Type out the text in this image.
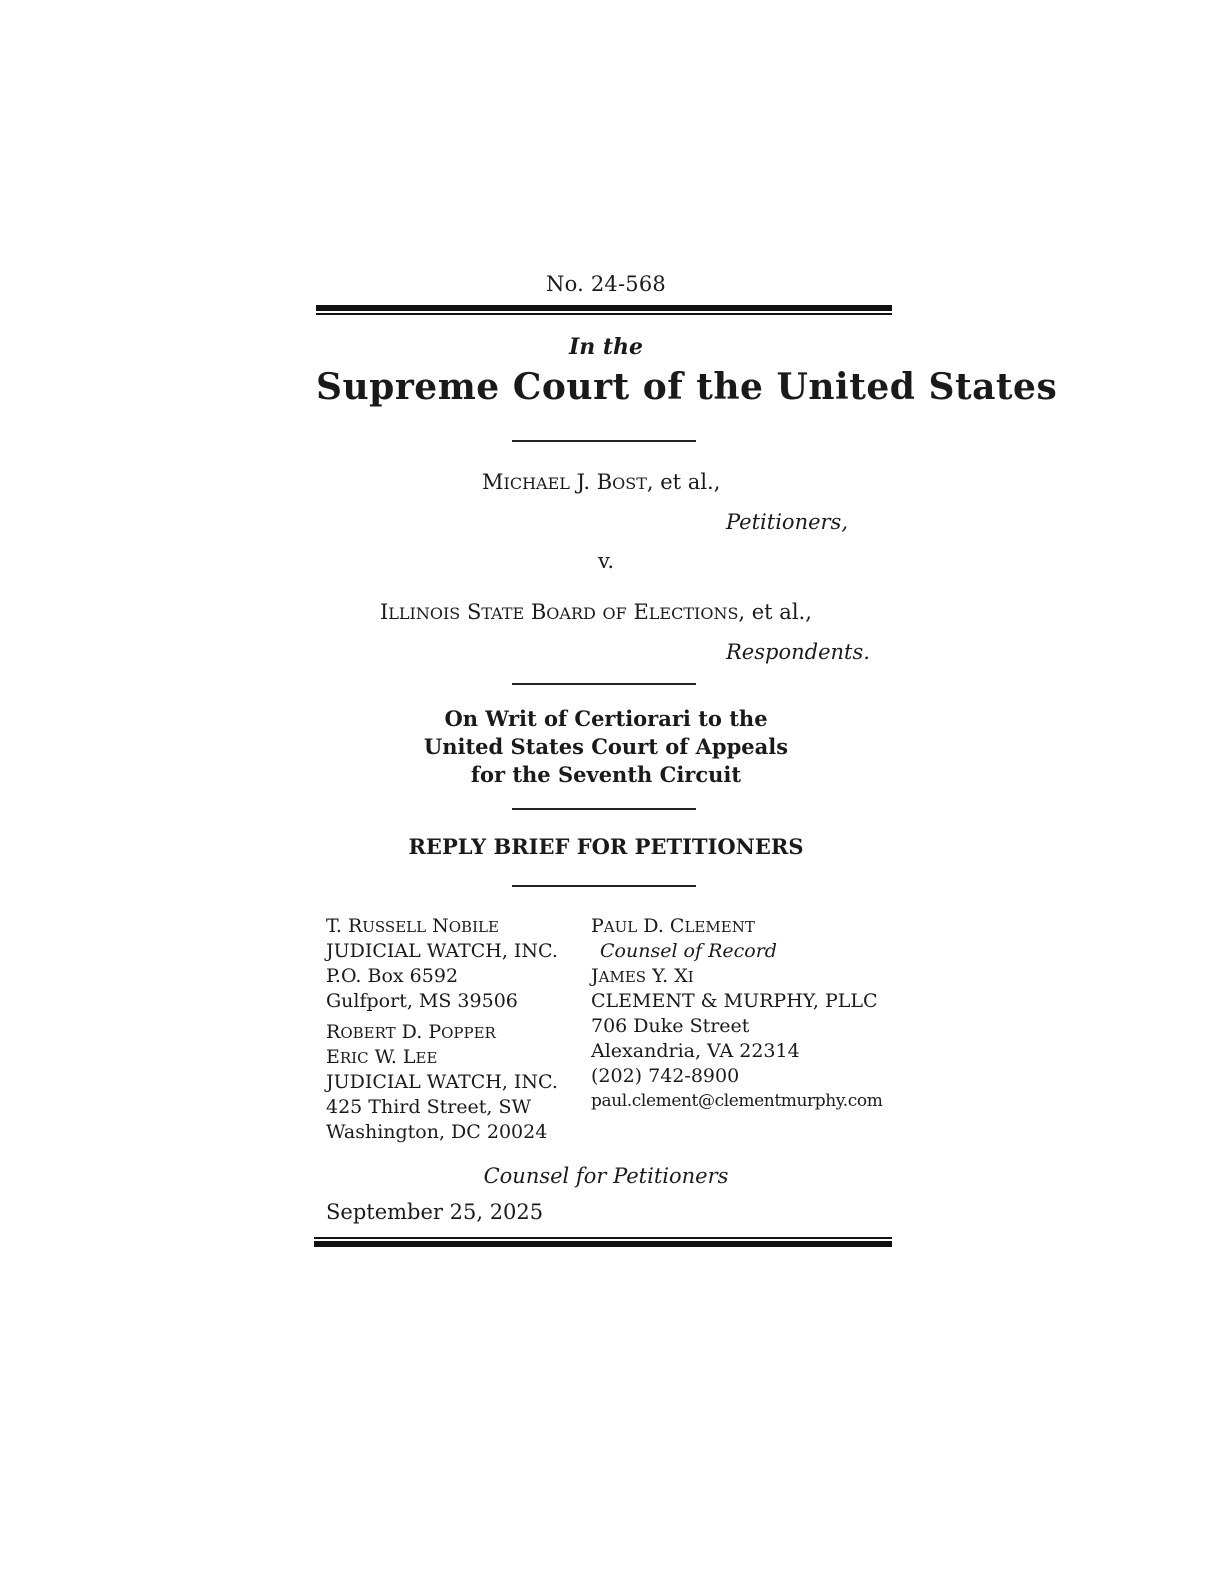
No. 24-568
In the
Supreme Court of the United States
MICHAEL J. BOST, et al.,
Petitioners,
v.
ILLINOIS STATE BOARD OF ELECTIONS, et al.,
Respondents.
On Writ of Certiorari to the
United States Court of Appeals
for the Seventh Circuit
REPLY BRIEF FOR PETITIONERS
T. RUSSELL NOBILE
JUDICIAL WATCH, INC.
P.O. Box 6592
Gulfport, MS 39506
ROBERT D. POPPER
ERIC W. LEE
JUDICIAL WATCH, INC.
425 Third Street, SW
Washington, DC 20024
PAUL D. CLEMENT
Counsel of Record
JAMES Y. XI
CLEMENT & MURPHY, PLLC
706 Duke Street
Alexandria, VA 22314
(202) 742-8900
paul.clement@clementmurphy.com
Counsel for Petitioners
September 25, 2025
